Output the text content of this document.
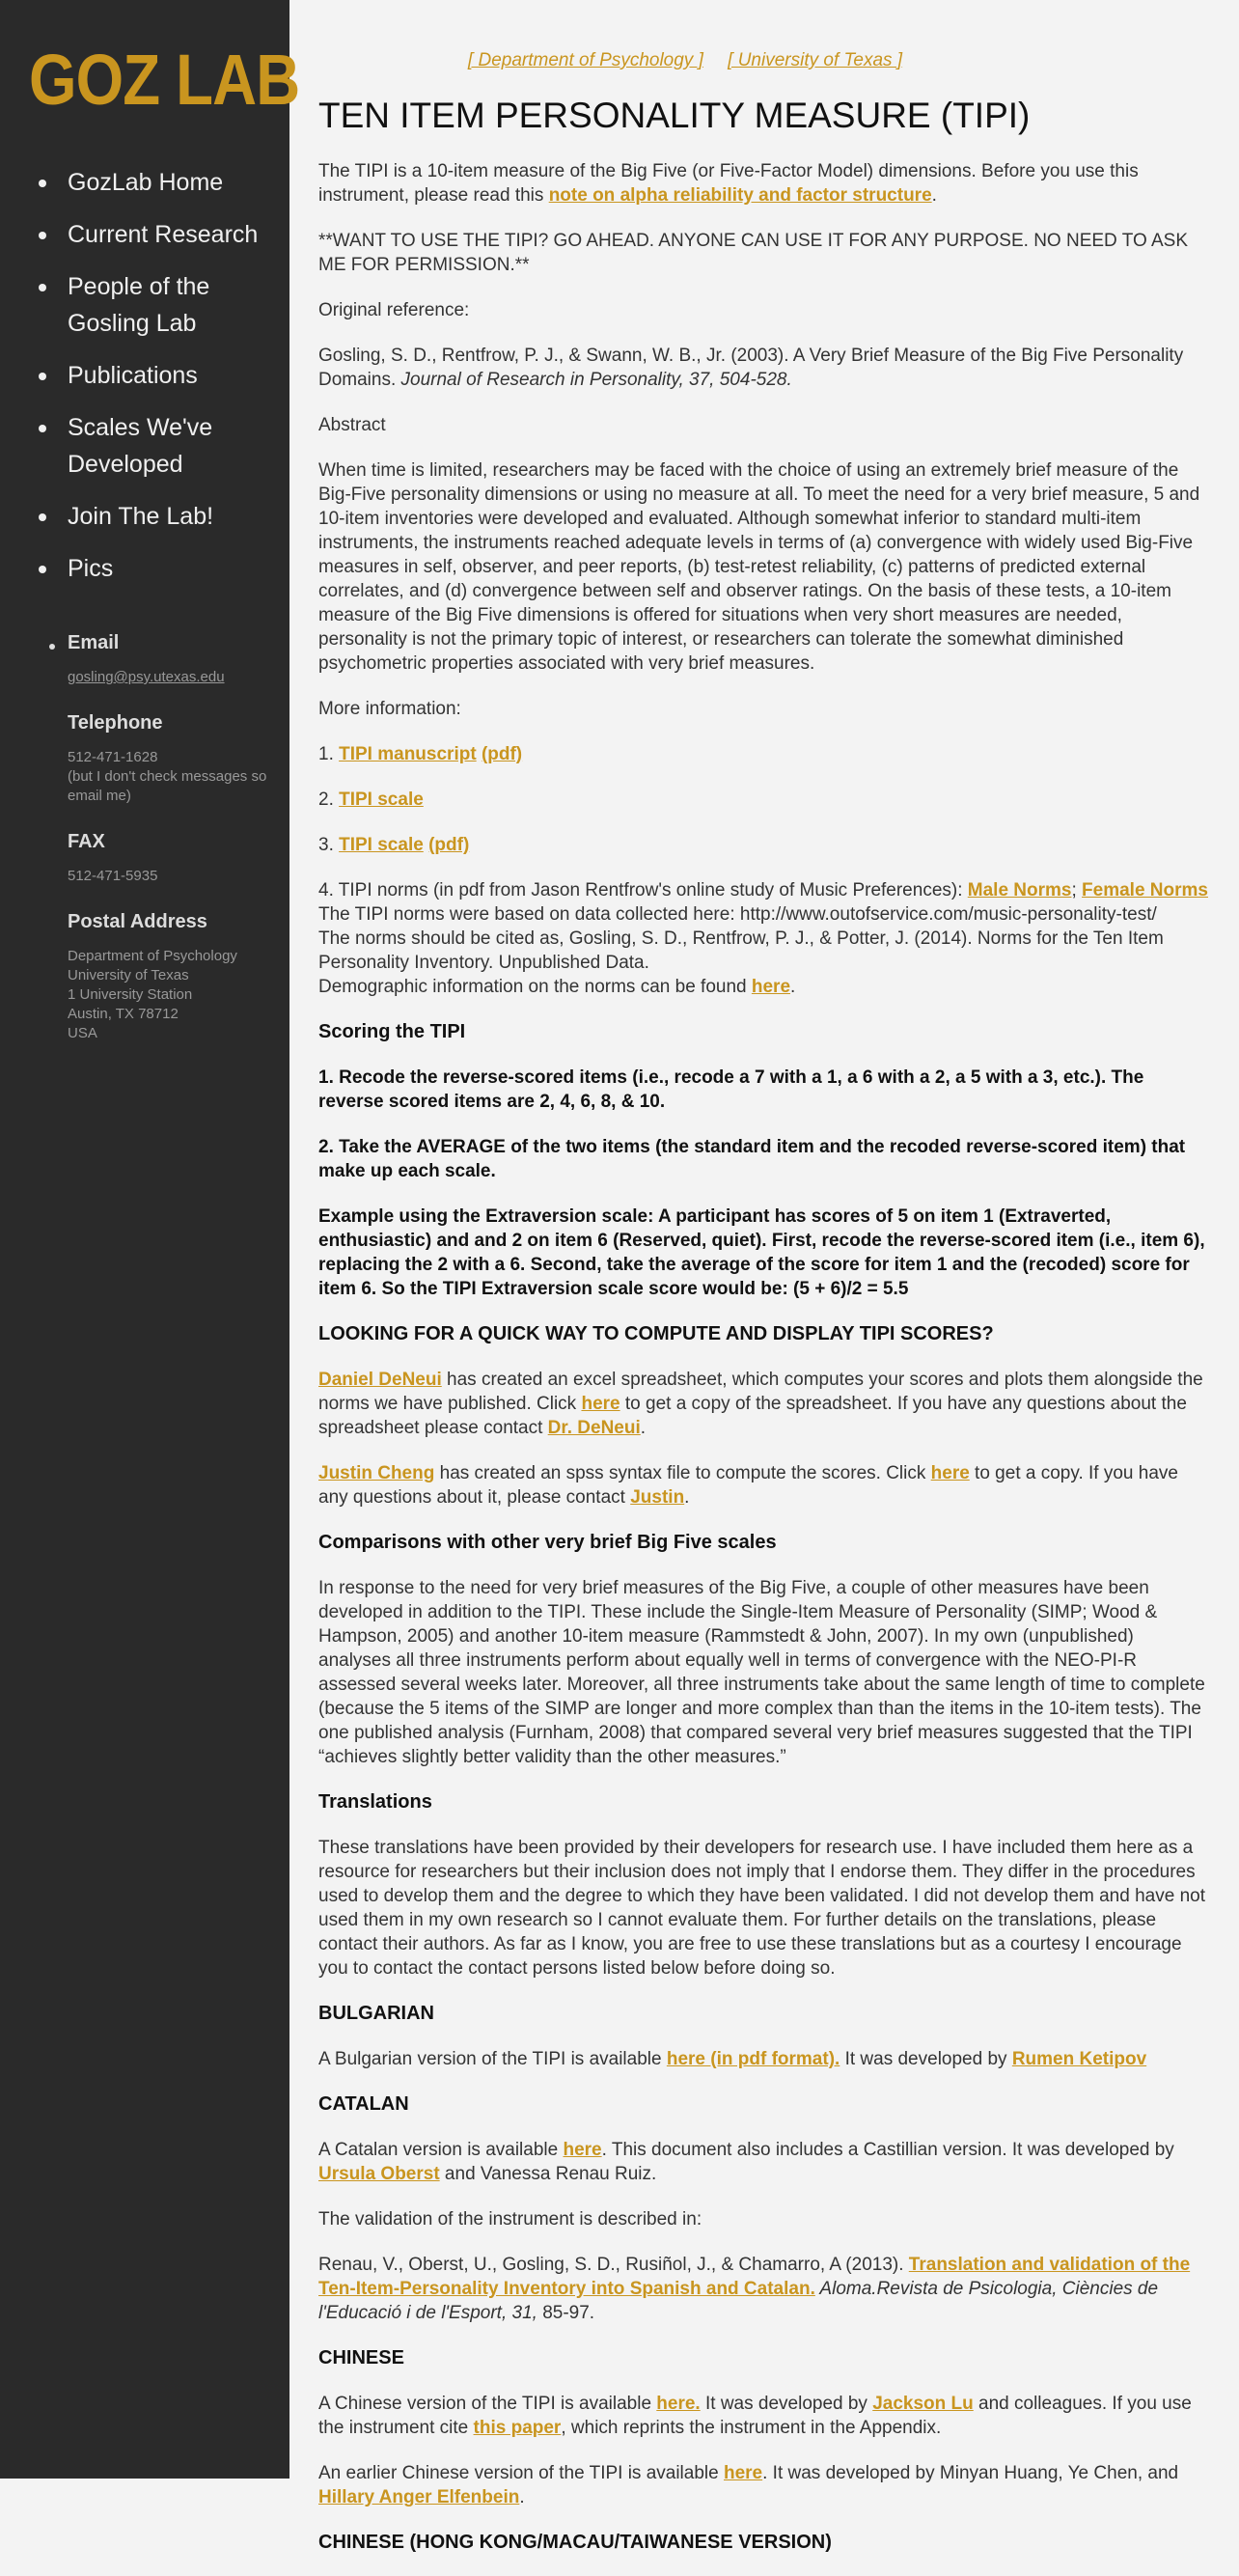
GOZ LAB
GozLab Home
Current Research
People of the Gosling Lab
Publications
Scales We've Developed
Join The Lab!
Pics
Email
gosling@psy.utexas.edu
Telephone
512-471-1628
(but I don't check messages so email me)
FAX
512-471-5935
Postal Address
Department of Psychology
University of Texas
1 University Station
Austin, TX 78712
USA
[ Department of Psychology ] [ University of Texas ]
TEN ITEM PERSONALITY MEASURE (TIPI)

The TIPI is a 10-item measure of the Big Five (or Five-Factor Model) dimensions. Before you use this instrument, please read this note on alpha reliability and factor structure.

**WANT TO USE THE TIPI? GO AHEAD. ANYONE CAN USE IT FOR ANY PURPOSE. NO NEED TO ASK ME FOR PERMISSION.**

Original reference:

Gosling, S. D., Rentfrow, P. J., & Swann, W. B., Jr. (2003). A Very Brief Measure of the Big Five Personality Domains. Journal of Research in Personality, 37, 504-528.

Abstract

When time is limited, researchers may be faced with the choice of using an extremely brief measure of the Big-Five personality dimensions or using no measure at all. To meet the need for a very brief measure, 5 and 10-item inventories were developed and evaluated. Although somewhat inferior to standard multi-item instruments, the instruments reached adequate levels in terms of (a) convergence with widely used Big-Five measures in self, observer, and peer reports, (b) test-retest reliability, (c) patterns of predicted external correlates, and (d) convergence between self and observer ratings. On the basis of these tests, a 10-item measure of the Big Five dimensions is offered for situations when very short measures are needed, personality is not the primary topic of interest, or researchers can tolerate the somewhat diminished psychometric properties associated with very brief measures.

More information:

1. TIPI manuscript (pdf)

2. TIPI scale

3. TIPI scale (pdf)

4. TIPI norms (in pdf from Jason Rentfrow's online study of Music Preferences): Male Norms; Female Norms
The TIPI norms were based on data collected here: http://www.outofservice.com/music-personality-test/
The norms should be cited as, Gosling, S. D., Rentfrow, P. J., & Potter, J. (2014). Norms for the Ten Item Personality Inventory. Unpublished Data.
Demographic information on the norms can be found here.
Scoring the TIPI

1. Recode the reverse-scored items (i.e., recode a 7 with a 1, a 6 with a 2, a 5 with a 3, etc.). The reverse scored items are 2, 4, 6, 8, & 10.

2. Take the AVERAGE of the two items (the standard item and the recoded reverse-scored item) that make up each scale.

Example using the Extraversion scale: A participant has scores of 5 on item 1 (Extraverted, enthusiastic) and and 2 on item 6 (Reserved, quiet). First, recode the reverse-scored item (i.e., item 6), replacing the 2 with a 6. Second, take the average of the score for item 1 and the (recoded) score for item 6. So the TIPI Extraversion scale score would be: (5 + 6)/2 = 5.5

LOOKING FOR A QUICK WAY TO COMPUTE AND DISPLAY TIPI SCORES?

Daniel DeNeui has created an excel spreadsheet, which computes your scores and plots them alongside the norms we have published. Click here to get a copy of the spreadsheet. If you have any questions about the spreadsheet please contact Dr. DeNeui.

Justin Cheng has created an spss syntax file to compute the scores. Click here to get a copy. If you have any questions about it, please contact Justin.

Comparisons with other very brief Big Five scales

In response to the need for very brief measures of the Big Five, a couple of other measures have been developed in addition to the TIPI. These include the Single-Item Measure of Personality (SIMP; Wood & Hampson, 2005) and another 10-item measure (Rammstedt & John, 2007). In my own (unpublished) analyses all three instruments perform about equally well in terms of convergence with the NEO-PI-R assessed several weeks later. Moreover, all three instruments take about the same length of time to complete (because the 5 items of the SIMP are longer and more complex than than the items in the 10-item tests). The one published analysis (Furnham, 2008) that compared several very brief measures suggested that the TIPI “achieves slightly better validity than the other measures.”

Translations

These translations have been provided by their developers for research use. I have included them here as a resource for researchers but their inclusion does not imply that I endorse them. They differ in the procedures used to develop them and the degree to which they have been validated. I did not develop them and have not used them in my own research so I cannot evaluate them. For further details on the translations, please contact their authors. As far as I know, you are free to use these translations but as a courtesy I encourage you to contact the contact persons listed below before doing so.

BULGARIAN

A Bulgarian version of the TIPI is available here (in pdf format). It was developed by Rumen Ketipov

CATALAN

A Catalan version is available here. This document also includes a Castillian version. It was developed by Ursula Oberst and Vanessa Renau Ruiz.

The validation of the instrument is described in:

Renau, V., Oberst, U., Gosling, S. D., Rusiñol, J., & Chamarro, A (2013). Translation and validation of the Ten-Item-Personality Inventory into Spanish and Catalan. Aloma.Revista de Psicologia, Ciències de l'Educació i de l'Esport, 31, 85-97.

CHINESE

A Chinese version of the TIPI is available here. It was developed by Jackson Lu and colleagues. If you use the instrument cite this paper, which reprints the instrument in the Appendix.

An earlier Chinese version of the TIPI is available here. It was developed by Minyan Huang, Ye Chen, and Hillary Anger Elfenbein.

CHINESE (HONG KONG/MACAU/TAIWANESE VERSION)
